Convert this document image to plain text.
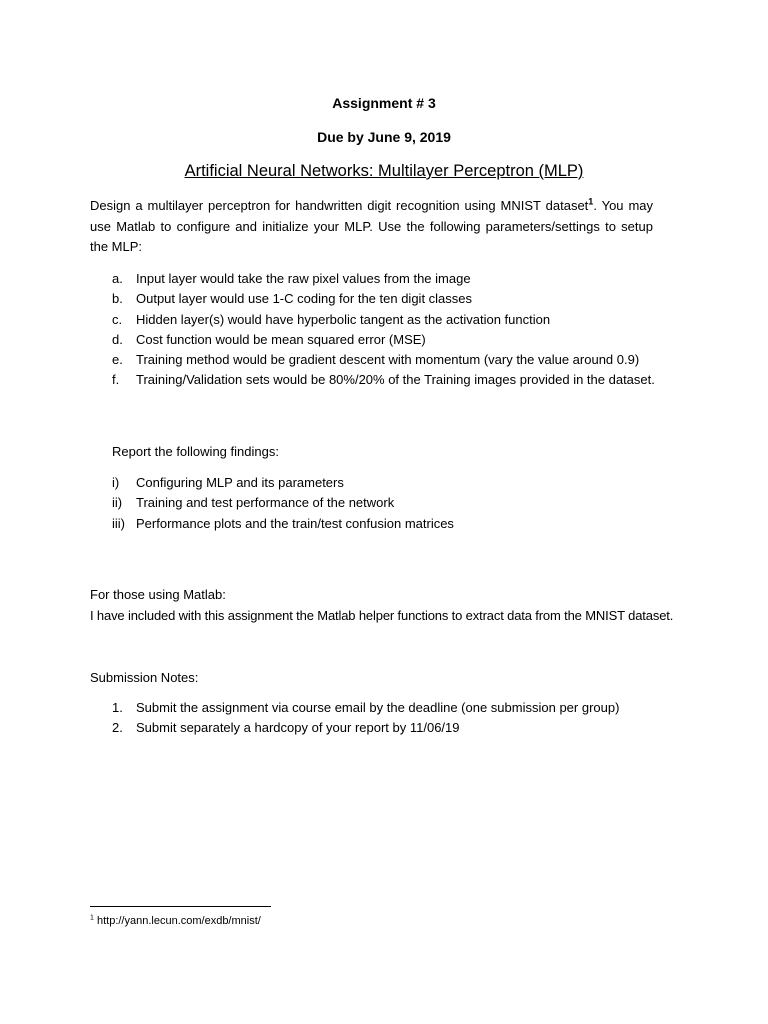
Assignment # 3
Due by June 9, 2019
Artificial Neural Networks: Multilayer Perceptron (MLP)
Design a multilayer perceptron for handwritten digit recognition using MNIST dataset$^1$. You may use Matlab to configure and initialize your MLP. Use the following parameters/settings to setup the MLP:
a. Input layer would take the raw pixel values from the image
b. Output layer would use 1-C coding for the ten digit classes
c. Hidden layer(s) would have hyperbolic tangent as the activation function
d. Cost function would be mean squared error (MSE)
e. Training method would be gradient descent with momentum (vary the value around 0.9)
f. Training/Validation sets would be 80%/20% of the Training images provided in the dataset.
Report the following findings:
i) Configuring MLP and its parameters
ii) Training and test performance of the network
iii) Performance plots and the train/test confusion matrices
For those using Matlab:
I have included with this assignment the Matlab helper functions to extract data from the MNIST dataset.
Submission Notes:
1. Submit the assignment via course email by the deadline (one submission per group)
2. Submit separately a hardcopy of your report by 11/06/19
$^1$ http://yann.lecun.com/exdb/mnist/
